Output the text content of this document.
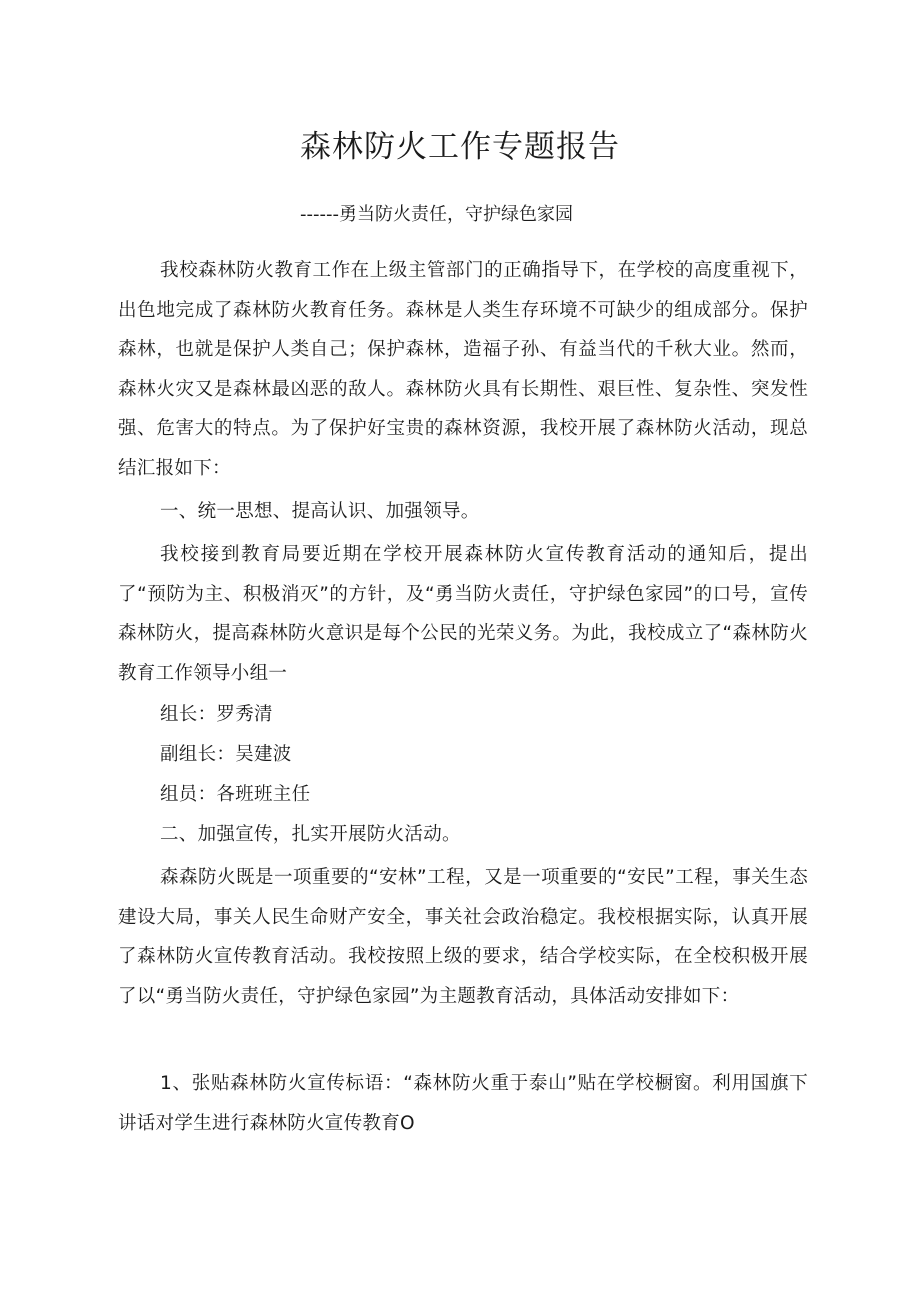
森林防火工作专题报告
------勇当防火责任，守护绿色家园

我校森林防火教育工作在上级主管部门的正确指导下，在学校的高度重视下，出色地完成了森林防火教育任务。森林是人类生存环境不可缺少的组成部分。保护森林，也就是保护人类自己；保护森林，造福子孙、有益当代的千秋大业。然而，森林火灾又是森林最凶恶的敌人。森林防火具有长期性、艰巨性、复杂性、突发性强、危害大的特点。为了保护好宝贵的森林资源，我校开展了森林防火活动，现总结汇报如下：

一、统一思想、提高认识、加强领导。

我校接到教育局要近期在学校开展森林防火宣传教育活动的通知后，提出了“预防为主、积极消灭”的方针，及“勇当防火责任，守护绿色家园”的口号，宣传森林防火，提高森林防火意识是每个公民的光荣义务。为此，我校成立了“森林防火教育工作领导小组一

组长：罗秀清

副组长：吴建波

组员：各班班主任

二、加强宣传，扎实开展防火活动。

森森防火既是一项重要的“安林”工程，又是一项重要的“安民”工程，事关生态建设大局，事关人民生命财产安全，事关社会政治稳定。我校根据实际，认真开展了森林防火宣传教育活动。我校按照上级的要求，结合学校实际，在全校积极开展了以“勇当防火责任，守护绿色家园”为主题教育活动，具体活动安排如下：

1、张贴森林防火宣传标语：“森林防火重于泰山”贴在学校橱窗。利用国旗下讲话对学生进行森林防火宣传教育O
